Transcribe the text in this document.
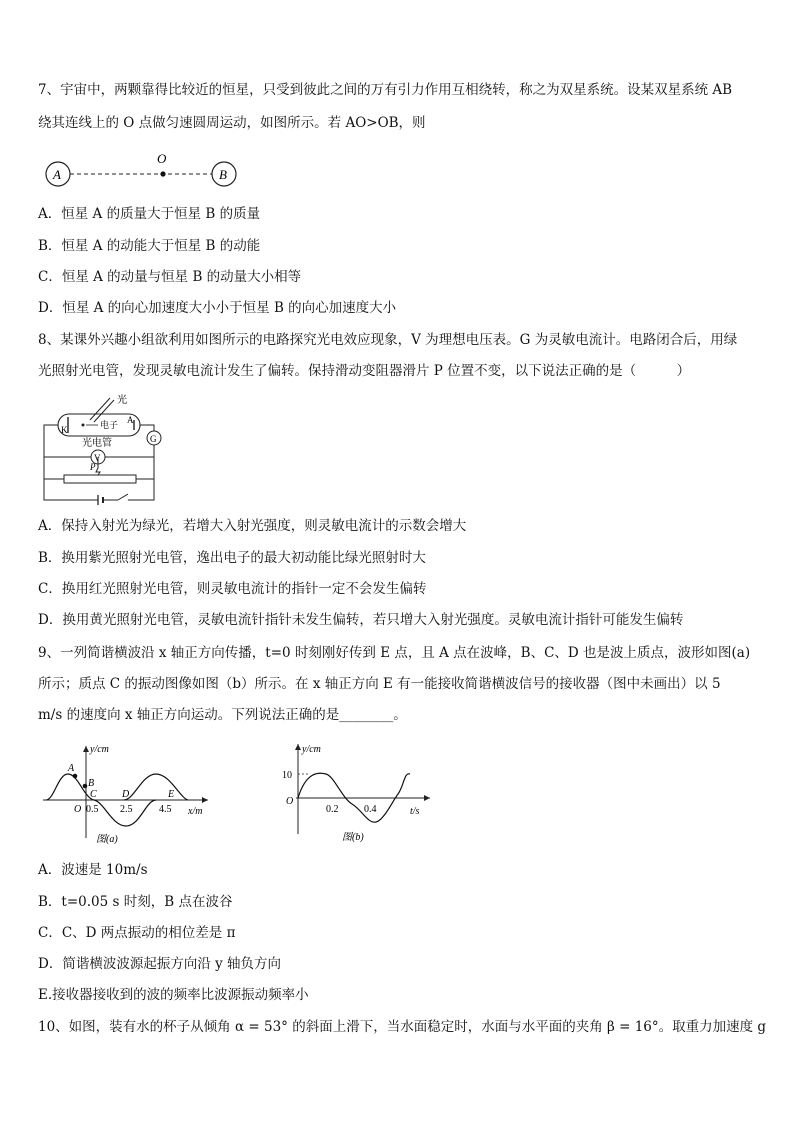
7、宇宙中，两颗靠得比较近的恒星，只受到彼此之间的万有引力作用互相绕转，称之为双星系统。设某双星系统 AB
绕其连线上的 O 点做匀速圆周运动，如图所示。若 AO>OB，则
A
O
B
A．恒星 A 的质量大于恒星 B 的质量
B．恒星 A 的动能大于恒星 B 的动能
C．恒星 A 的动量与恒星 B 的动量大小相等
D．恒星 A 的向心加速度大小小于恒星 B 的向心加速度大小
8、某课外兴趣小组欲利用如图所示的电路探究光电效应现象，V 为理想电压表。G 为灵敏电流计。电路闭合后，用绿
光照射光电管，发现灵敏电流计发生了偏转。保持滑动变阻器滑片 P 位置不变，以下说法正确的是（　　　）
K
A
光
电子
光电管	G
V
P
A．保持入射光为绿光，若增大入射光强度，则灵敏电流计的示数会增大
B．换用紫光照射光电管，逸出电子的最大初动能比绿光照射时大
C．换用红光照射光电管，则灵敏电流计的指针一定不会发生偏转
D．换用黄光照射光电管，灵敏电流针指针未发生偏转，若只增大入射光强度。灵敏电流计指针可能发生偏转
9、一列简谐横波沿 x 轴正方向传播，t=0 时刻刚好传到 E 点，且 A 点在波峰，B、C、D 也是波上质点，波形如图(a)
所示；质点 C 的振动图像如图（b）所示。在 x 轴正方向 E 有一能接收简谐横波信号的接收器（图中未画出）以 5
m/s 的速度向 x 轴正方向运动。下列说法正确的是________。
y/cm
x/m
O
A
B
C	D	E
0.5 2.5	4.5
图(a)
y/cm
10
O
0.2	0.4	t/s
图(b)
A．波速是 10m/s
B．t=0.05 s 时刻，B 点在波谷
C．C、D 两点振动的相位差是 π
D．简谐横波波源起振方向沿 y 轴负方向
E.接收器接收到的波的频率比波源振动频率小
10、如图，装有水的杯子从倾角 α = 53° 的斜面上滑下，当水面稳定时，水面与水平面的夹角 β = 16°。取重力加速度 g
